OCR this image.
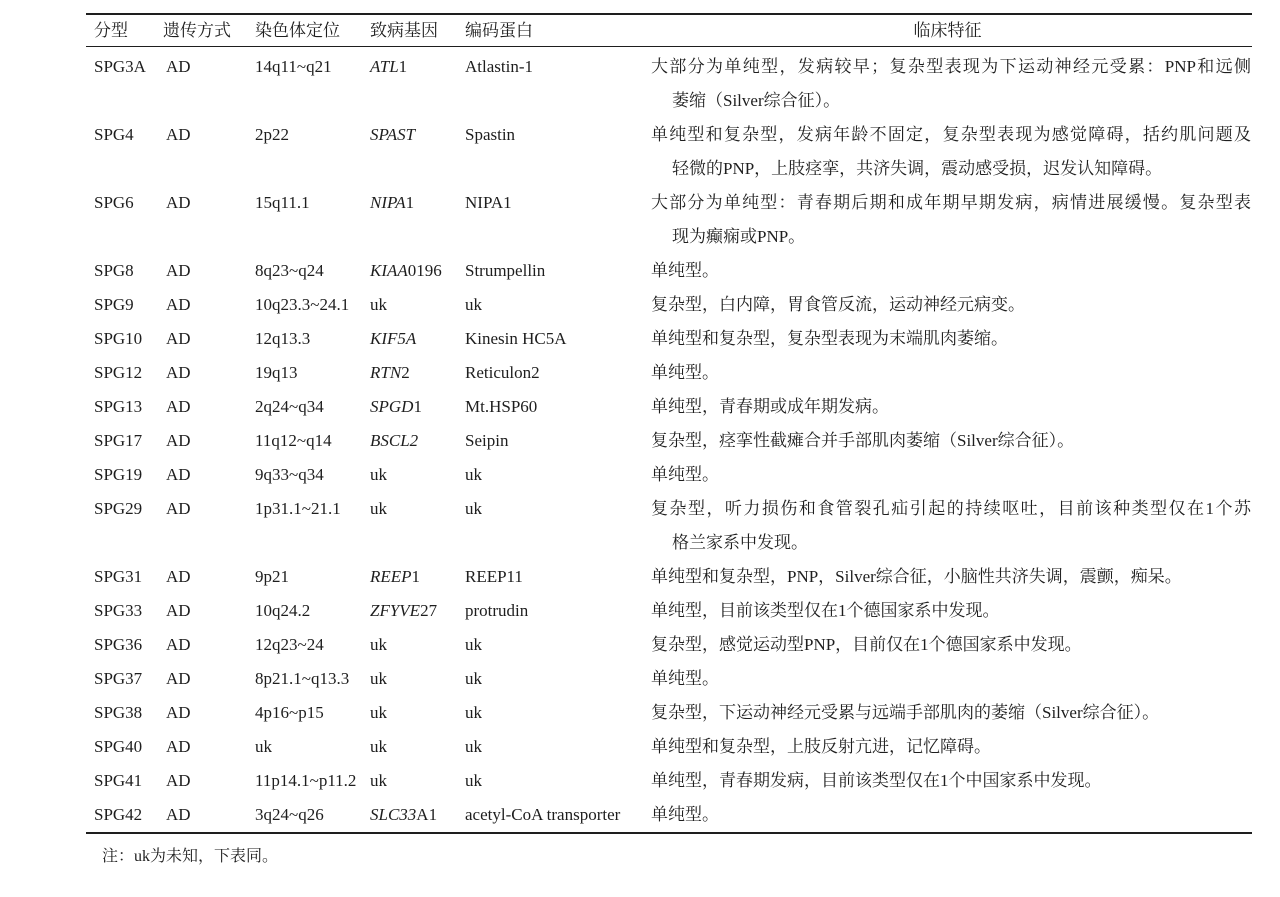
分型	遗传方式	染色体定位	致病基因	编码蛋白	临床特征
SPG3A	AD	14q11~q21	ATL1	Atlastin-1	大部分为单纯型，发病较早；复杂型表现为下运动神经元受累：PNP和远侧
萎缩（Silver综合征）。
SPG4	AD	2p22	SPAST	Spastin	单纯型和复杂型，发病年龄不固定，复杂型表现为感觉障碍，括约肌问题及
轻微的PNP，上肢痉挛，共济失调，震动感受损，迟发认知障碍。
SPG6	AD	15q11.1	NIPA1	NIPA1	大部分为单纯型：青春期后期和成年期早期发病，病情进展缓慢。复杂型表
现为癫痫或PNP。
SPG8	AD	8q23~q24	KIAA0196	Strumpellin	单纯型。
SPG9	AD	10q23.3~24.1	uk	uk	复杂型，白内障，胃食管反流，运动神经元病变。
SPG10	AD	12q13.3	KIF5A	Kinesin HC5A	单纯型和复杂型，复杂型表现为末端肌肉萎缩。
SPG12	AD	19q13	RTN2	Reticulon2	单纯型。
SPG13	AD	2q24~q34	SPGD1	Mt.HSP60	单纯型，青春期或成年期发病。
SPG17	AD	11q12~q14	BSCL2	Seipin	复杂型，痉挛性截瘫合并手部肌肉萎缩（Silver综合征）。
SPG19	AD	9q33~q34	uk	uk	单纯型。
SPG29	AD	1p31.1~21.1	uk	uk	复杂型，听力损伤和食管裂孔疝引起的持续呕吐，目前该种类型仅在1个苏
格兰家系中发现。
SPG31	AD	9p21	REEP1	REEP11	单纯型和复杂型，PNP，Silver综合征，小脑性共济失调，震颤，痴呆。
SPG33	AD	10q24.2	ZFYVE27	protrudin	单纯型，目前该类型仅在1个德国家系中发现。
SPG36	AD	12q23~24	uk	uk	复杂型，感觉运动型PNP，目前仅在1个德国家系中发现。
SPG37	AD	8p21.1~q13.3	uk	uk	单纯型。
SPG38	AD	4p16~p15	uk	uk	复杂型，下运动神经元受累与远端手部肌肉的萎缩（Silver综合征）。
SPG40	AD	uk	uk	uk	单纯型和复杂型，上肢反射亢进，记忆障碍。
SPG41	AD	11p14.1~p11.2 uk	uk	单纯型，青春期发病，目前该类型仅在1个中国家系中发现。
SPG42	AD	3q24~q26	SLC33A1	acetyl-CoA transporter	单纯型。
注：uk为未知，下表同。
